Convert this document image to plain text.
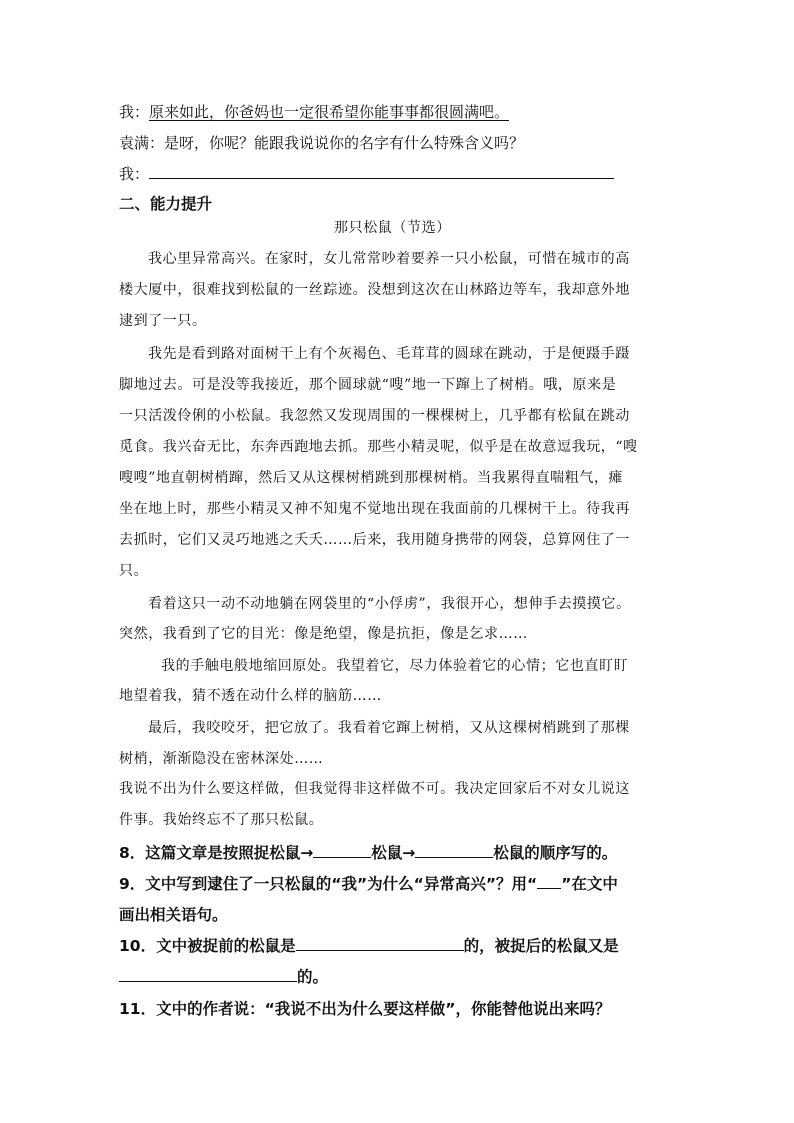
我：原来如此，你爸妈也一定很希望你能事事都很圆满吧。
袁满：是呀，你呢？能跟我说说你的名字有什么特殊含义吗？
我：
二、能力提升
那只松鼠（节选）
我心里异常高兴。在家时，女儿常常吵着要养一只小松鼠，可惜在城市的高
楼大厦中，很难找到松鼠的一丝踪迹。没想到这次在山林路边等车，我却意外地
逮到了一只。
我先是看到路对面树干上有个灰褐色、毛茸茸的圆球在跳动，于是便蹑手蹑
脚地过去。可是没等我接近，那个圆球就“嗖”地一下蹿上了树梢。哦，原来是
一只活泼伶俐的小松鼠。我忽然又发现周围的一棵棵树上，几乎都有松鼠在跳动
觅食。我兴奋无比，东奔西跑地去抓。那些小精灵呢，似乎是在故意逗我玩，“嗖
嗖嗖”地直朝树梢蹿，然后又从这棵树梢跳到那棵树梢。当我累得直喘粗气，瘫
坐在地上时，那些小精灵又神不知鬼不觉地出现在我面前的几棵树干上。待我再
去抓时，它们又灵巧地逃之夭夭……后来，我用随身携带的网袋，总算网住了一
只。
看着这只一动不动地躺在网袋里的“小俘虏”，我很开心，想伸手去摸摸它。
突然，我看到了它的目光：像是绝望，像是抗拒，像是乞求……
我的手触电般地缩回原处。我望着它，尽力体验着它的心情；它也直盯盯
地望着我，猜不透在动什么样的脑筋……
最后，我咬咬牙，把它放了。我看着它蹿上树梢，又从这棵树梢跳到了那棵
树梢，渐渐隐没在密林深处……
我说不出为什么要这样做，但我觉得非这样做不可。我决定回家后不对女儿说这
件事。我始终忘不了那只松鼠。
8．这篇文章是按照捉松鼠→	松鼠→	松鼠的顺序写的。
9．文中写到逮住了一只松鼠的“我”为什么“异常高兴”？用“ ”在文中
画出相关语句。
10．文中被捉前的松鼠是	的，被捉后的松鼠又是
的。
11．文中的作者说：“我说不出为什么要这样做”，你能替他说出来吗？
